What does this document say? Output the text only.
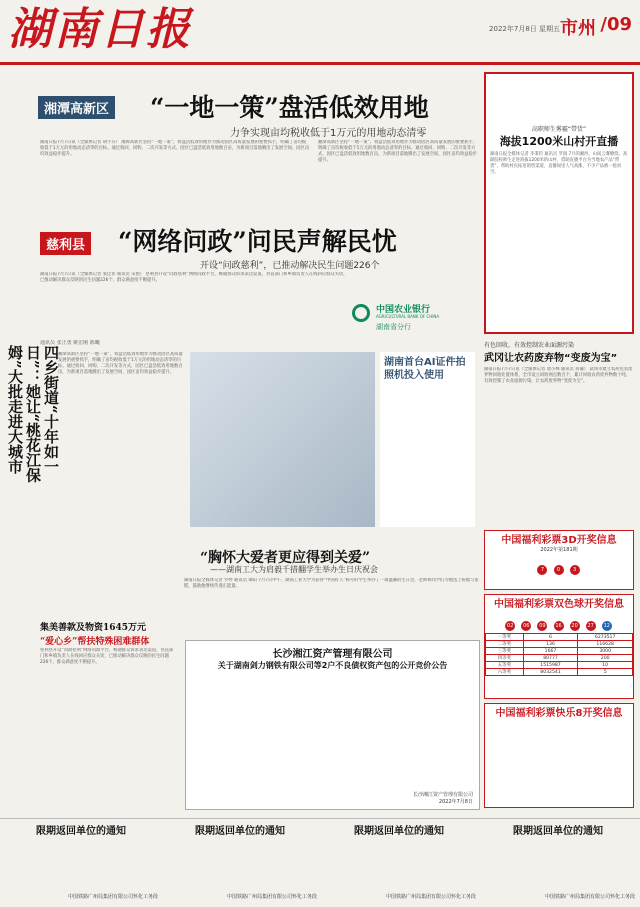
湖南日报	2022年7月8日 星期五 市州 /09
湘潭高新区 “一地一策”盘活低效用地
力争实现亩均税收低于1万元的用地动态清零
湖南日报7月7日讯（全媒体记者 胡宇芬） 湘潭高新区坚持“一地一策”，将盘活低效用地作为推动园区高质量发展的重要抓手，明确了亩均税收低于1万元的用地动态清零的目标。通过收回、回购、二次开发等方式，园区已盘活低效用地数百亩，为新项目落地腾出了发展空间，园区亩均效益稳步提升。
湘潭高新区坚持“一地一策”，将盘活低效用地作为推动园区高质量发展的重要抓手，明确了亩均税收低于1万元的用地动态清零的目标。通过收回、回购、二次开发等方式，园区已盘活低效用地数百亩，为新项目落地腾出了发展空间，园区亩均效益稳步提升。
慈利县 “网络问政”问民声解民忧
开设“问政慈利”，已推动解决民生问题226个
湖南日报7月7日讯（全媒体记者 张佳伟 通讯员 宋艳） 慈利县开设“问政慈利”网络问政平台，畅通群众诉求表达渠道，县直部门和乡镇负责人在线回应群众关切，已推动解决群众反映的民生问题226个，群众满意度不断提升。
中国农业银行
AGRICULTURAL BANK OF CHINA
湖南省分行
四乡街道“十年如一日”：她让“桃花江保姆”大批走进大城市
通讯员 张正勇 姚宏刚 陈曦
湘潭高新区坚持“一地一策”，将盘活低效用地作为推动园区高质量发展的重要抓手，明确了亩均税收低于1万元的用地动态清零的目标。通过收回、回购、二次开发等方式，园区已盘活低效用地数百亩，为新项目落地腾出了发展空间，园区亩均效益稳步提升。
湖南首台AI证件拍照机投入使用
“胸怀大爱者更应得到关爱”
——湖南工大为肩毅千措翻学生举办生日庆祝会
湖南日报全媒体记者 罗婷 通讯员 谭阳 7月7日中午，湖南工业大学为获得“中国好人”称号的学生举办了一场温馨的生日会，老师和同学们为他送上祝福与蛋糕，鼓励他继续传递正能量。
集美善款及物资1645万元
“爱心乡”帮扶特殊困难群体
慈利县开设“问政慈利”网络问政平台，畅通群众诉求表达渠道，县直部门和乡镇负责人在线回应群众关切，已推动解决群众反映的民生问题226个，群众满意度不断提升。
长沙湘江资产管理有限公司
关于湖南剑力钢铁有限公司等2户不良债权资产包的公开竞价公告
长沙湘江资产管理有限公司
2022年7月8日
高职师生雾霾“带货”
海拔1200米山村开直播
湖南日报全媒体记者 李秉钧 通讯员 罗润 7月的湘西，山间云雾缭绕。高职院校师生走进海拔1200米的山村，借助直播平台为当地农产品“带货”，帮助村民拓宽销售渠道，直播间里人气高涨，不少产品被一抢而空。
有色回收，有效控制农业面源污染
武冈让农药废弃物“变废为宝”
湖南日报7月7日讯（全媒体记者 唐小林 通讯员 蒋谦） 武冈市建立农药包装废弃物回收处置体系，全市设立回收网点数百个，累计回收农药废弃物数十吨，有效控制了农业面源污染，让农药废弃物“变废为宝”。
中国福利彩票3D开奖信息
2022年第181期
7	0	3
中国福利彩票双色球开奖信息
02 06 09 16 20 27 12
一等奖	6	6273517
二等奖	136	116628
三等奖	1667	3000
四等奖	80777	200
五等奖	1515987	10
六等奖	8032541	5
中国福利彩票快乐8开奖信息
限期返回单位的通知
中国铁路广州局集团有限公司怀化工务段
限期返回单位的通知
中国铁路广州局集团有限公司怀化工务段
限期返回单位的通知
中国铁路广州局集团有限公司怀化工务段
限期返回单位的通知
中国铁路广州局集团有限公司怀化工务段
